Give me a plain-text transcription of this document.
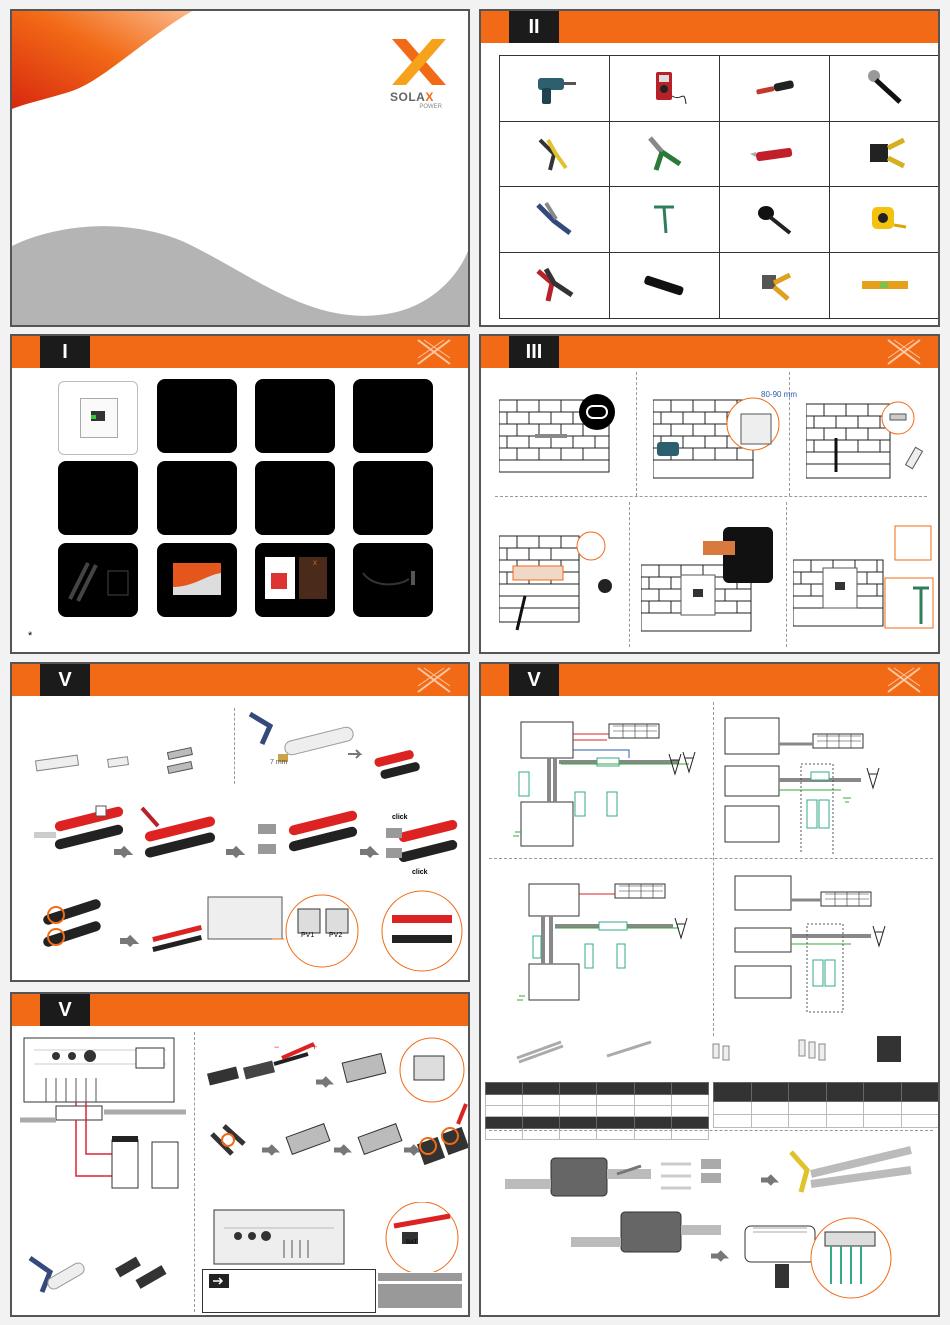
SOLAX
POWER
II
I
X
*
III
80-90 mm
V
7 mm
click
click
PV1 PV2
V

V
−	+
BAT
